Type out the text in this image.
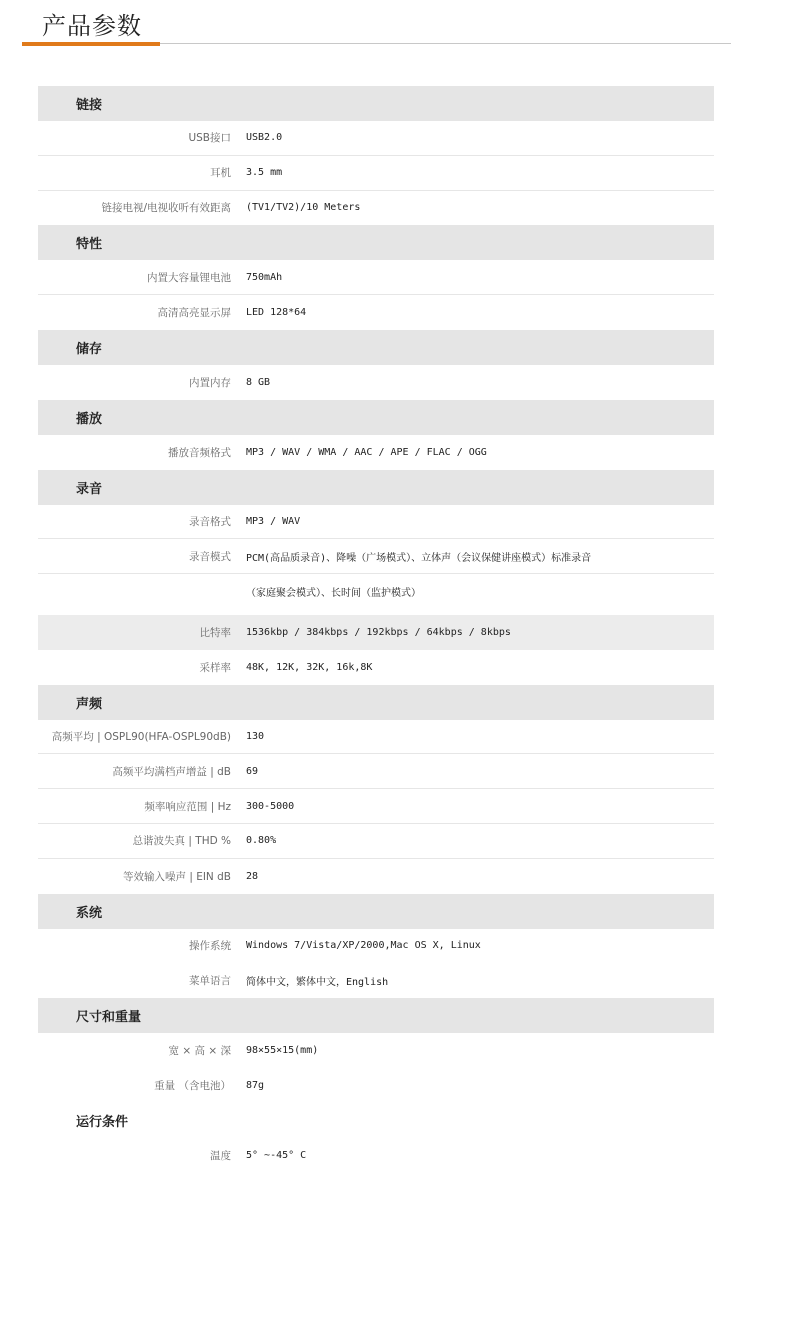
产品参数
链接
USB接口	USB2.0
耳机	3.5 mm
链接电视/电视收听有效距离	(TV1/TV2)/10 Meters
特性
内置大容量锂电池	750mAh
高清高亮显示屏	LED 128*64
储存
内置内存	8 GB
播放
播放音频格式	MP3 / WAV / WMA / AAC / APE / FLAC / OGG
录音
录音格式	MP3 / WAV
录音模式	PCM(高品质录音)、降噪（广场模式）、立体声（会议保健讲座模式）标准录音
（家庭聚会模式）、长时间（监护模式）
比特率	1536kbp / 384kbps / 192kbps / 64kbps / 8kbps
采样率	48K, 12K, 32K, 16k,8K
声频
高频平均 | OSPL90(HFA-OSPL90dB)	130
高频平均满档声增益 | dB	69
频率响应范围 | Hz	300-5000
总谐波失真 | THD %	0.80%
等效输入噪声 | EIN dB	28
系统
操作系统	Windows 7/Vista/XP/2000,Mac OS X, Linux
菜单语言	简体中文，繁体中文，English
尺寸和重量
宽 × 高 × 深	98×55×15(mm)
重量 （含电池）	87g
运行条件
温度	5° ~-45° C
